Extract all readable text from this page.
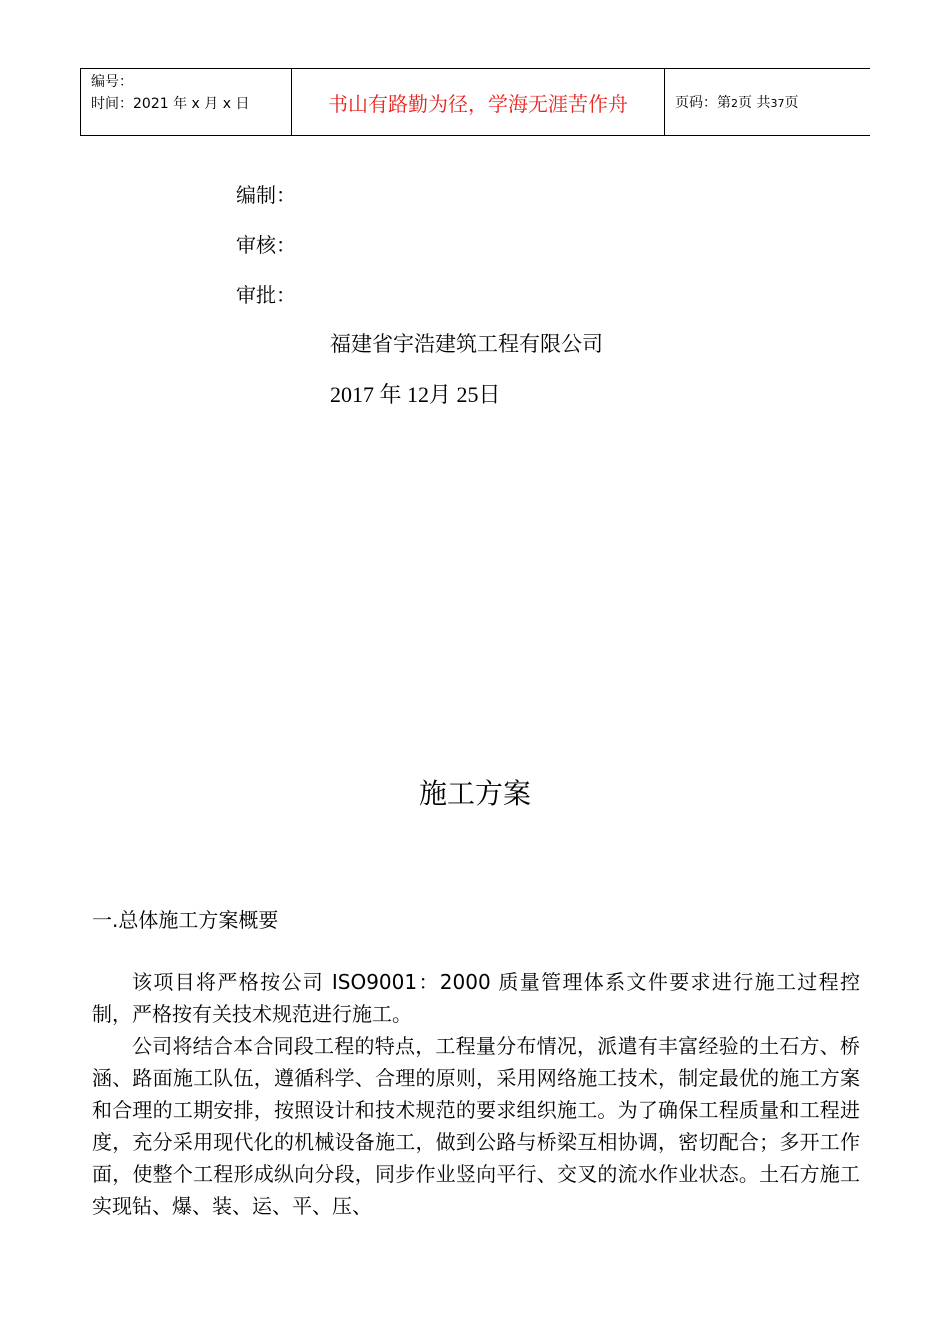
编号：
时间：2021 年 x 月 x 日	书山有路勤为径，学海无涯苦作舟	页码：第2页 共37页
编制：
审核：
审批：
福建省宇浩建筑工程有限公司
2017 年 12月 25日
施工方案
一.总体施工方案概要

该项目将严格按公司 ISO9001：2000 质量管理体系文件要求进行施工过程控制，严格按有关技术规范进行施工。

公司将结合本合同段工程的特点，工程量分布情况，派遣有丰富经验的土石方、桥涵、路面施工队伍，遵循科学、合理的原则，采用网络施工技术，制定最优的施工方案和合理的工期安排，按照设计和技术规范的要求组织施工。为了确保工程质量和工程进度，充分采用现代化的机械设备施工，做到公路与桥梁互相协调，密切配合；多开工作面，使整个工程形成纵向分段，同步作业竖向平行、交叉的流水作业状态。土石方施工实现钻、爆、装、运、平、压、
